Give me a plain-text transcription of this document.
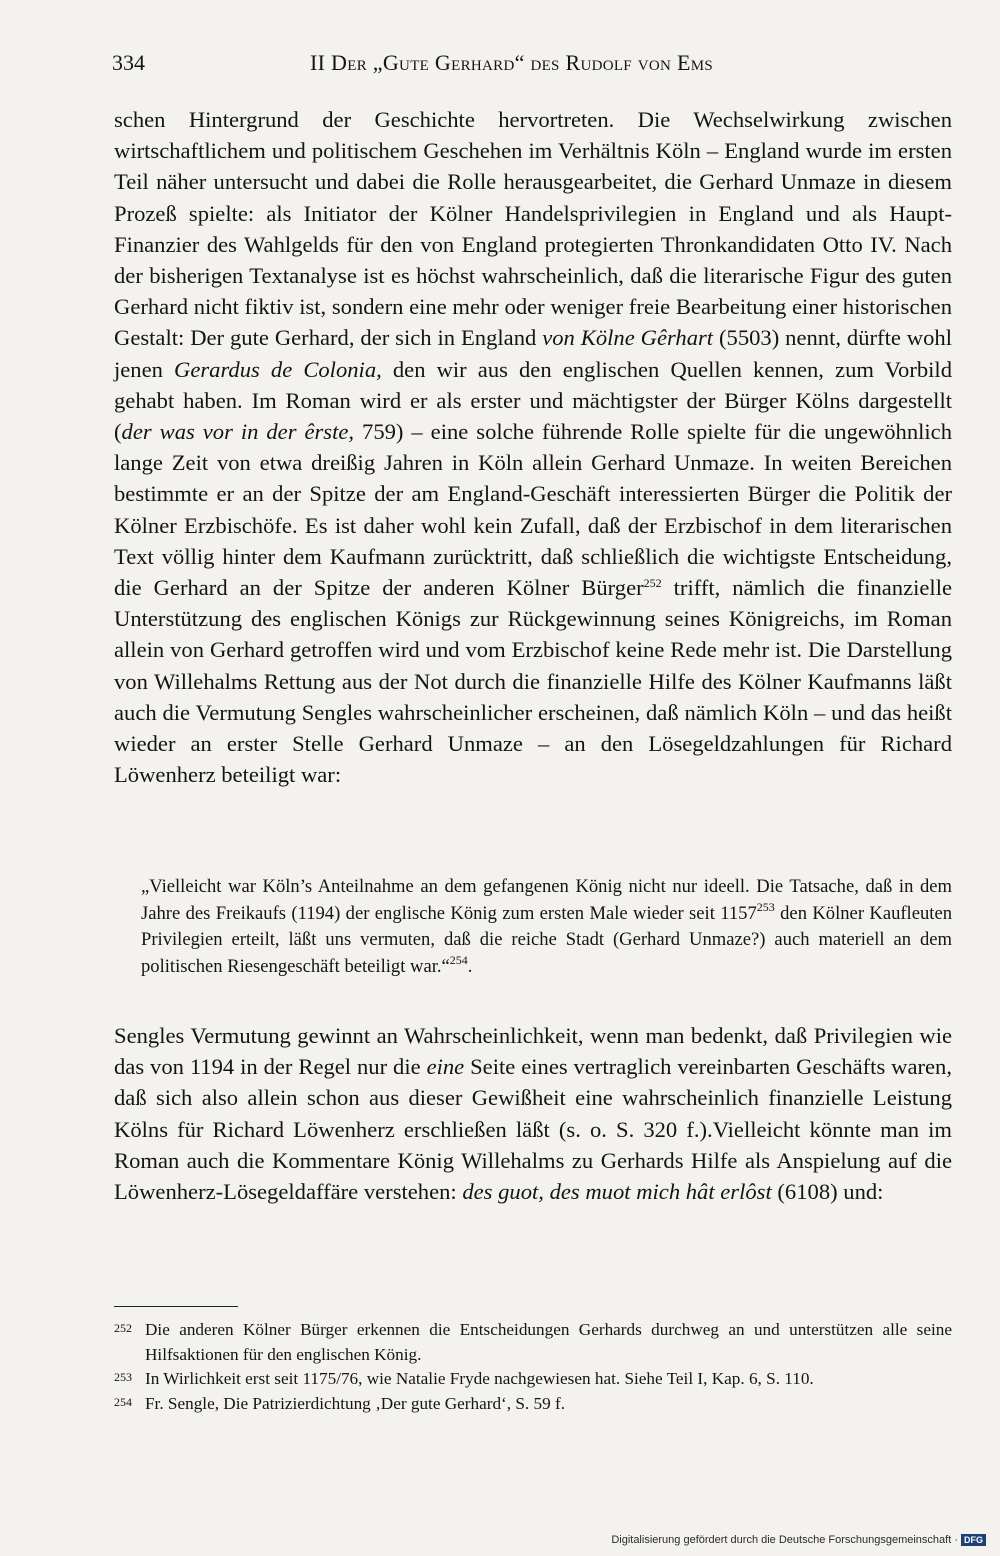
334	II Der „Gute Gerhard“ des Rudolf von Ems
schen Hintergrund der Geschichte hervortreten. Die Wechselwirkung zwischen wirtschaftlichem und politischem Geschehen im Verhältnis Köln – England wurde im ersten Teil näher untersucht und dabei die Rolle herausgearbeitet, die Gerhard Unmaze in diesem Prozeß spielte: als Initiator der Kölner Handelsprivilegien in England und als Haupt-Finanzier des Wahlgelds für den von England protegierten Thronkandidaten Otto IV. Nach der bisherigen Textanalyse ist es höchst wahrscheinlich, daß die literarische Figur des guten Gerhard nicht fiktiv ist, sondern eine mehr oder weniger freie Bearbeitung einer historischen Gestalt: Der gute Gerhard, der sich in England von Kölne Gêrhart (5503) nennt, dürfte wohl jenen Gerardus de Colonia, den wir aus den englischen Quellen kennen, zum Vorbild gehabt haben. Im Roman wird er als erster und mächtigster der Bürger Kölns dargestellt (der was vor in der êrste, 759) – eine solche führende Rolle spielte für die ungewöhnlich lange Zeit von etwa dreißig Jahren in Köln allein Gerhard Unmaze. In weiten Bereichen bestimmte er an der Spitze der am England-Geschäft interessierten Bürger die Politik der Kölner Erzbischöfe. Es ist daher wohl kein Zufall, daß der Erzbischof in dem literarischen Text völlig hinter dem Kaufmann zurücktritt, daß schließlich die wichtigste Entscheidung, die Gerhard an der Spitze der anderen Kölner Bürger$^{252}$ trifft, nämlich die finanzielle Unterstützung des englischen Königs zur Rückgewinnung seines Königreichs, im Roman allein von Gerhard getroffen wird und vom Erzbischof keine Rede mehr ist. Die Darstellung von Willehalms Rettung aus der Not durch die finanzielle Hilfe des Kölner Kaufmanns läßt auch die Vermutung Sengles wahrscheinlicher erscheinen, daß nämlich Köln – und das heißt wieder an erster Stelle Gerhard Unmaze – an den Lösegeldzahlungen für Richard Löwenherz beteiligt war:
„Vielleicht war Köln’s Anteilnahme an dem gefangenen König nicht nur ideell. Die Tatsache, daß in dem Jahre des Freikaufs (1194) der englische König zum ersten Male wieder seit 1157$^{253}$ den Kölner Kaufleuten Privilegien erteilt, läßt uns vermuten, daß die reiche Stadt (Gerhard Unmaze?) auch materiell an dem politischen Riesengeschäft beteiligt war.“$^{254}$.
Sengles Vermutung gewinnt an Wahrscheinlichkeit, wenn man bedenkt, daß Privilegien wie das von 1194 in der Regel nur die eine Seite eines vertraglich vereinbarten Geschäfts waren, daß sich also allein schon aus dieser Gewißheit eine wahrscheinlich finanzielle Leistung Kölns für Richard Löwenherz erschließen läßt (s. o. S. 320 f.).Vielleicht könnte man im Roman auch die Kommentare König Willehalms zu Gerhards Hilfe als Anspielung auf die Löwenherz-Lösegeldaffäre verstehen: des guot, des muot mich hât erlôst (6108) und:
252 Die anderen Kölner Bürger erkennen die Entscheidungen Gerhards durchweg an und unterstützen alle seine Hilfsaktionen für den englischen König.
253 In Wirlichkeit erst seit 1175/76, wie Natalie Fryde nachgewiesen hat. Siehe Teil I, Kap. 6, S. 110.
254 Fr. Sengle, Die Patrizierdichtung ‚Der gute Gerhard‘, S. 59 f.
Digitalisierung gefördert durch die Deutsche Forschungsgemeinschaft · DFG
